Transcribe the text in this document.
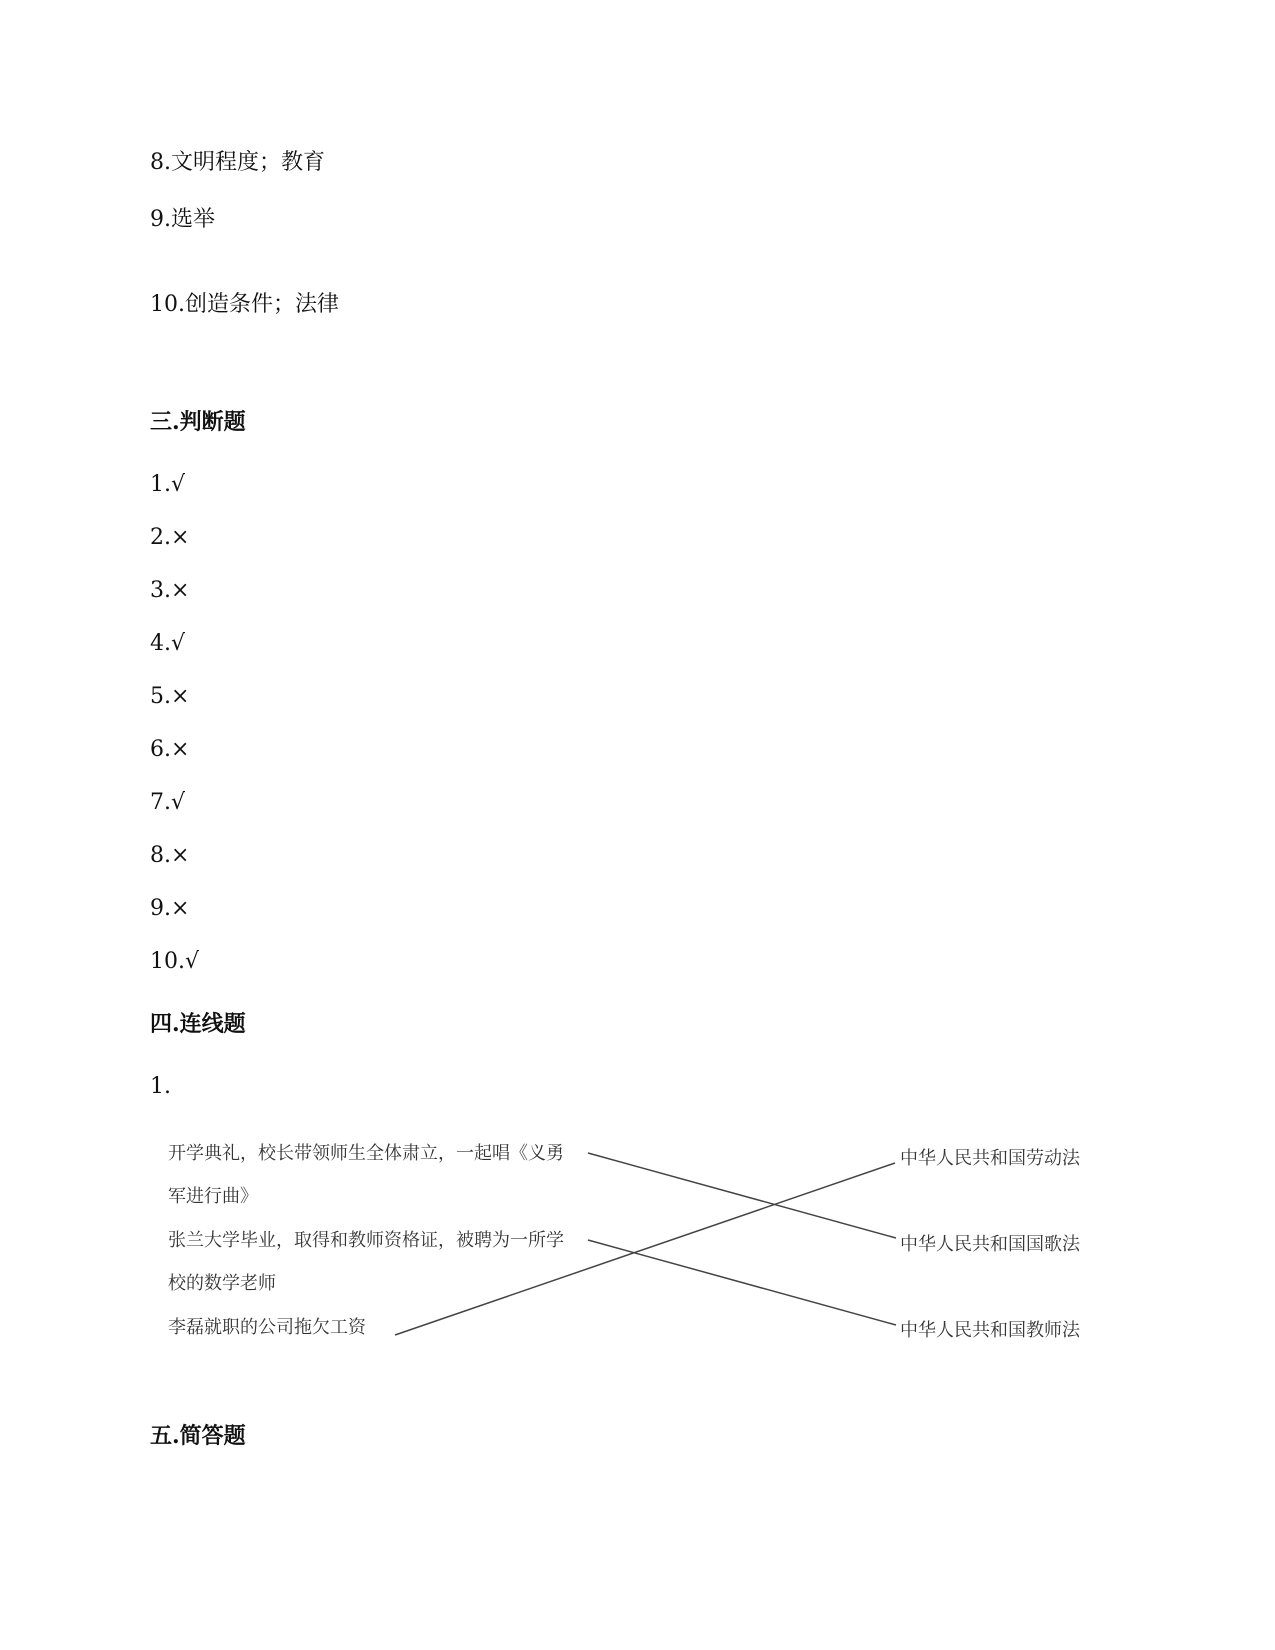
8.文明程度；教育
9.选举
10.创造条件；法律
三.判断题
1.√
2.×
3.×
4.√
5.×
6.×
7.√
8.×
9.×
10.√
四.连线题
1.
开学典礼，校长带领师生全体肃立，一起唱《义勇
军进行曲》
张兰大学毕业，取得和教师资格证，被聘为一所学
校的数学老师
李磊就职的公司拖欠工资
中华人民共和国劳动法
中华人民共和国国歌法
中华人民共和国教师法
五.简答题
